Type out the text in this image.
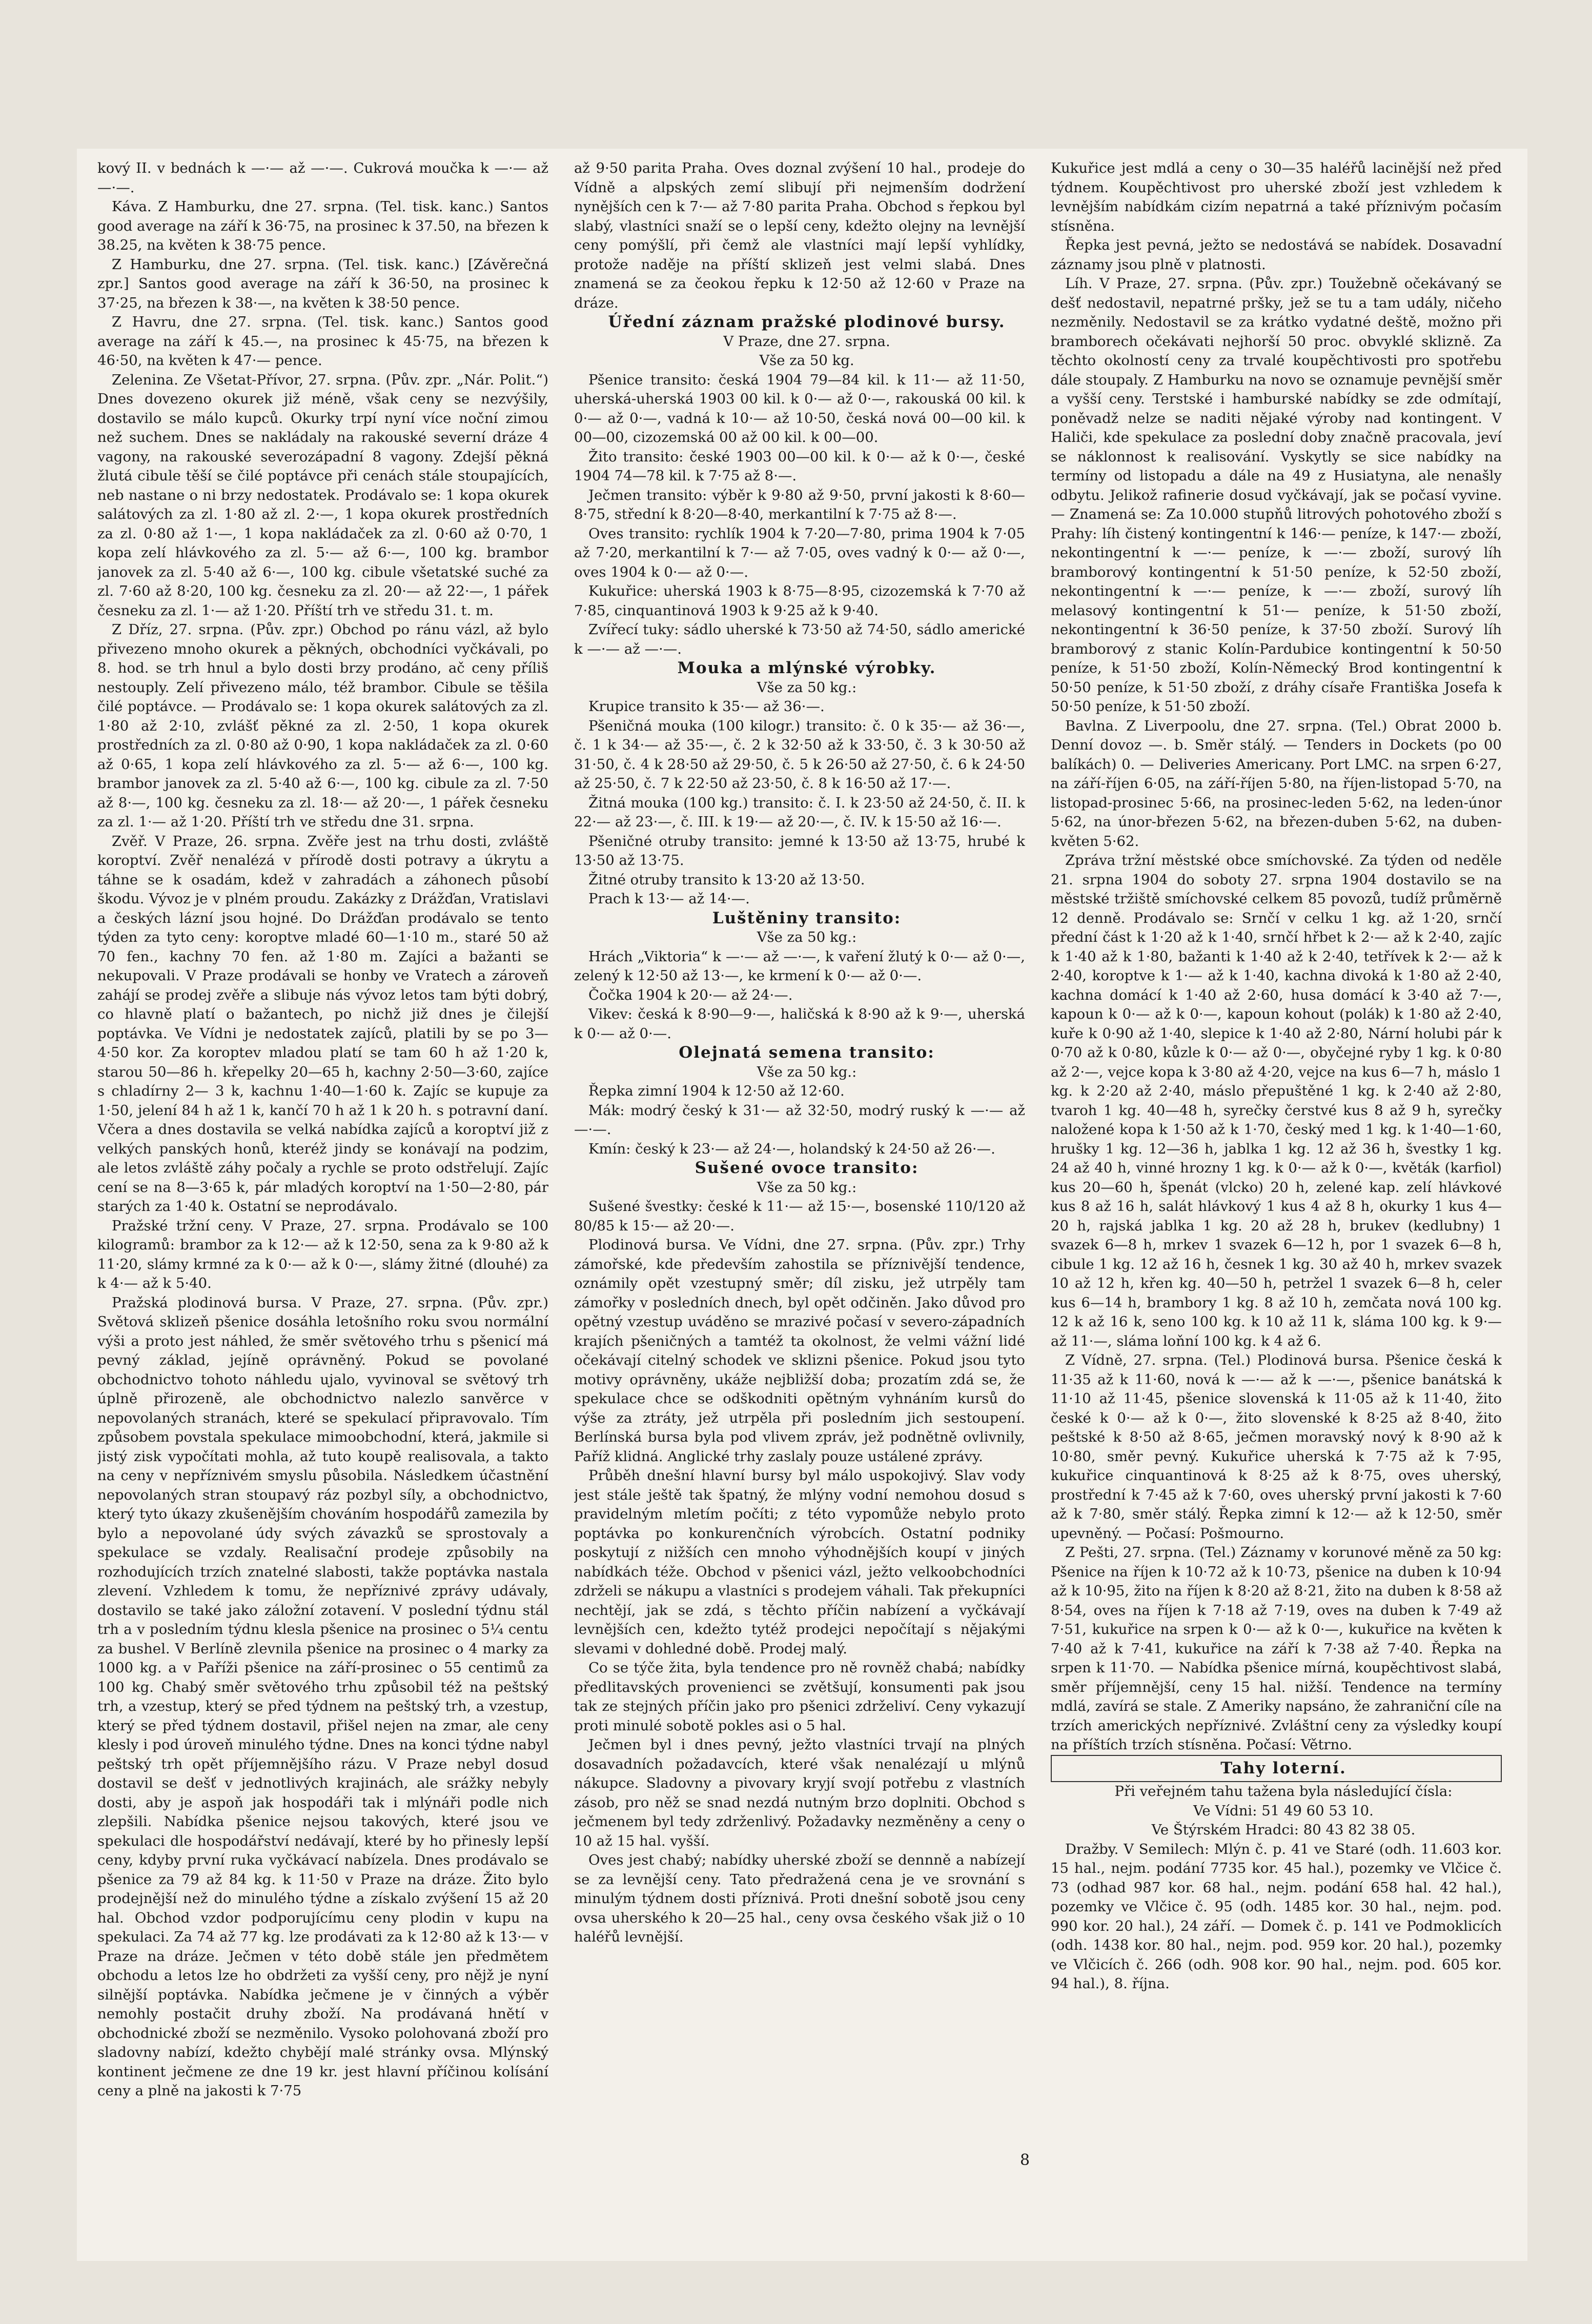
kový II. v bednách k —·— až —·—. Cukrová moučka k —·— až —·—.

Káva. Z Hamburku, dne 27. srpna. (Tel. tisk. kanc.) Santos good average na září k 36·75, na prosinec k 37.50, na březen k 38.25, na květen k 38·75 pence.

Z Hamburku, dne 27. srpna. (Tel. tisk. kanc.) [Závěrečná zpr.] Santos good average na září k 36·50, na prosinec k 37·25, na březen k 38·—, na květen k 38·50 pence.

Z Havru, dne 27. srpna. (Tel. tisk. kanc.) Santos good average na září k 45.—, na prosinec k 45·75, na březen k 46·50, na květen k 47·— pence.

Zelenina. Ze Všetat-Přívor, 27. srpna. (Pův. zpr. „Nár. Polit.“) Dnes dovezeno okurek již méně, však ceny se nezvýšily, dostavilo se málo kupců. Okurky trpí nyní více noční zimou než suchem. Dnes se nakládaly na rakouské severní dráze 4 vagony, na rakouské severozápadní 8 vagony. Zdejší pěkná žlutá cibule těší se čilé poptávce při cenách stále stoupajících, neb nastane o ni brzy nedostatek. Prodávalo se: 1 kopa okurek salátových za zl. 1·80 až zl. 2·—, 1 kopa okurek prostředních za zl. 0·80 až 1·—, 1 kopa nakládaček za zl. 0·60 až 0·70, 1 kopa zelí hlávkového za zl. 5·— až 6·—, 100 kg. brambor janovek za zl. 5·40 až 6·—, 100 kg. cibule všetatské suché za zl. 7·60 až 8·20, 100 kg. česneku za zl. 20·— až 22·—, 1 pářek česneku za zl. 1·— až 1·20. Příští trh ve středu 31. t. m.

Z Dříz, 27. srpna. (Pův. zpr.) Obchod po ránu vázl, až bylo přivezeno mnoho okurek a pěkných, obchodníci vyčkávali, po 8. hod. se trh hnul a bylo dosti brzy prodáno, ač ceny příliš nestouply. Zelí přivezeno málo, též brambor. Cibule se těšila čilé poptávce. — Prodávalo se: 1 kopa okurek salátových za zl. 1·80 až 2·10, zvlášť pěkné za zl. 2·50, 1 kopa okurek prostředních za zl. 0·80 až 0·90, 1 kopa nakládaček za zl. 0·60 až 0·65, 1 kopa zelí hlávkového za zl. 5·— až 6·—, 100 kg. brambor janovek za zl. 5·40 až 6·—, 100 kg. cibule za zl. 7·50 až 8·—, 100 kg. česneku za zl. 18·— až 20·—, 1 pářek česneku za zl. 1·— až 1·20. Příští trh ve středu dne 31. srpna.

Zvěř. V Praze, 26. srpna. Zvěře jest na trhu dosti, zvláště koroptví. Zvěř nenalézá v přírodě dosti potravy a úkrytu a táhne se k osadám, kdež v zahradách a záhonech působí škodu. Vývoz je v plném proudu. Zakázky z Drážďan, Vratislavi a českých lázní jsou hojné. Do Drážďan prodávalo se tento týden za tyto ceny: koroptve mladé 60—1·10 m., staré 50 až 70 fen., kachny 70 fen. až 1·80 m. Zajíci a bažanti se nekupovali. V Praze prodávali se honby ve Vratech a zároveň zahájí se prodej zvěře a slibuje nás vývoz letos tam býti dobrý, co hlavně platí o bažantech, po nichž již dnes je čilejší poptávka. Ve Vídni je nedostatek zajíců, platili by se po 3—4·50 kor. Za koroptev mladou platí se tam 60 h až 1·20 k, starou 50—86 h. křepelky 20—65 h, kachny 2·50—3·60, zajíce s chladírny 2— 3 k, kachnu 1·40—1·60 k. Zajíc se kupuje za 1·50, jelení 84 h až 1 k, kančí 70 h až 1 k 20 h. s potravní daní. Včera a dnes dostavila se velká nabídka zajíců a koroptví již z velkých panských honů, kteréž jindy se konávají na podzim, ale letos zvláště záhy počaly a rychle se proto odstřelují. Zajíc cení se na 8—3·65 k, pár mladých koroptví na 1·50—2·80, pár starých za 1·40 k. Ostatní se neprodávalo.

Pražské tržní ceny. V Praze, 27. srpna. Prodávalo se 100 kilogramů: brambor za k 12·— až k 12·50, sena za k 9·80 až k 11·20, slámy krmné za k 0·— až k 0·—, slámy žitné (dlouhé) za k 4·— až k 5·40.

Pražská plodinová bursa. V Praze, 27. srpna. (Pův. zpr.) Světová sklizeň pšenice dosáhla letošního roku svou normální výši a proto jest náhled, že směr světového trhu s pšenicí má pevný základ, jejíně oprávněný. Pokud se povolané obchodnictvo tohoto náhledu ujalo, vyvinoval se světový trh úplně přirozeně, ale obchodnictvo nalezlo sanvěrce v nepovolaných stranách, které se spekulací připravovalo. Tím způsobem povstala spekulace mimoobchodní, která, jakmile si jistý zisk vypočítati mohla, až tuto koupě realisovala, a takto na ceny v nepříznivém smyslu působila. Následkem účastnění nepovolaných stran stoupavý ráz pozbyl síly, a obchodnictvo, který tyto úkazy zkušenějším chováním hospodářů zamezila by bylo a nepovolané údy svých závazků se sprostovaly a spekulace se vzdaly. Realisační prodeje způsobily na rozhodujících trzích znatelné slabosti, takže poptávka nastala zlevení. Vzhledem k tomu, že nepříznivé zprávy udávaly, dostavilo se také jako záložní zotavení. V poslední týdnu stál trh a v posledním týdnu klesla pšenice na prosinec o 5¼ centu za bushel. V Berlíně zlevnila pšenice na prosinec o 4 marky za 1000 kg. a v Paříži pšenice na září-prosinec o 55 centimů za 100 kg. Chabý směr světového trhu způsobil též na peštský trh, a vzestup, který se před týdnem na peštský trh, a vzestup, který se před týdnem dostavil, přišel nejen na zmar, ale ceny klesly i pod úroveň minulého týdne. Dnes na konci týdne nabyl peštský trh opět příjemnějšího rázu. V Praze nebyl dosud dostavil se dešť v jednotlivých krajinách, ale srážky nebyly dosti, aby je aspoň jak hospodáři tak i mlýnáři podle nich zlepšili. Nabídka pšenice nejsou takových, které jsou ve spekulaci dle hospodářství nedávají, které by ho přinesly lepší ceny, kdyby první ruka vyčkávací nabízela. Dnes prodávalo se pšenice za 79 až 84 kg. k 11·50 v Praze na dráze. Žito bylo prodejnější než do minulého týdne a získalo zvýšení 15 až 20 hal. Obchod vzdor podporujícímu ceny plodin v kupu na spekulaci. Za 74 až 77 kg. lze prodávati za k 12·80 až k 13·— v Praze na dráze. Ječmen v této době stále jen předmětem obchodu a letos lze ho obdržeti za vyšší ceny, pro nějž je nyní silnější poptávka. Nabídka ječmene je v činných a výběr nemohly postačit druhy zboží. Na prodávaná hnětí v obchodnické zboží se nezměnilo. Vysoko polohovaná zboží pro sladovny nabízí, kdežto chybějí malé stránky ovsa. Mlýnský kontinent ječmene ze dne 19 kr. jest hlavní příčinou kolísání ceny a plně na jakosti k 7·75

až 9·50 parita Praha. Oves doznal zvýšení 10 hal., prodeje do Vídně a alpských zemí slibují při nejmenším dodržení nynějších cen k 7·— až 7·80 parita Praha. Obchod s řepkou byl slabý, vlastníci snaží se o lepší ceny, kdežto olejny na levnější ceny pomýšlí, při čemž ale vlastníci mají lepší vyhlídky, protože naděje na příští sklizeň jest velmi slabá. Dnes znamená se za čeokou řepku k 12·50 až 12·60 v Praze na dráze.

Úřední záznam pražské plodinové bursy.

V Praze, dne 27. srpna.

Vše za 50 kg.

Pšenice transito: česká 1904 79—84 kil. k 11·— až 11·50, uherská-uherská 1903 00 kil. k 0·— až 0·—, rakouská 00 kil. k 0·— až 0·—, vadná k 10·— až 10·50, česká nová 00—00 kil. k 00—00, cizozemská 00 až 00 kil. k 00—00.

Žito transito: české 1903 00—00 kil. k 0·— až k 0·—, české 1904 74—78 kil. k 7·75 až 8·—.

Ječmen transito: výběr k 9·80 až 9·50, první jakosti k 8·60—8·75, střední k 8·20—8·40, merkantilní k 7·75 až 8·—.

Oves transito: rychlík 1904 k 7·20—7·80, prima 1904 k 7·05 až 7·20, merkantilní k 7·— až 7·05, oves vadný k 0·— až 0·—, oves 1904 k 0·— až 0·—.

Kukuřice: uherská 1903 k 8·75—8·95, cizozemská k 7·70 až 7·85, cinquantinová 1903 k 9·25 až k 9·40.

Zvířecí tuky: sádlo uherské k 73·50 až 74·50, sádlo americké k —·— až —·—.

Mouka a mlýnské výrobky.

Vše za 50 kg.:

Krupice transito k 35·— až 36·—.

Pšeničná mouka (100 kilogr.) transito: č. 0 k 35·— až 36·—, č. 1 k 34·— až 35·—, č. 2 k 32·50 až k 33·50, č. 3 k 30·50 až 31·50, č. 4 k 28·50 až 29·50, č. 5 k 26·50 až 27·50, č. 6 k 24·50 až 25·50, č. 7 k 22·50 až 23·50, č. 8 k 16·50 až 17·—.

Žitná mouka (100 kg.) transito: č. I. k 23·50 až 24·50, č. II. k 22·— až 23·—, č. III. k 19·— až 20·—, č. IV. k 15·50 až 16·—.

Pšeničné otruby transito: jemné k 13·50 až 13·75, hrubé k 13·50 až 13·75.

Žitné otruby transito k 13·20 až 13·50.

Prach k 13·— až 14·—.

Luštěniny transito:

Vše za 50 kg.:

Hrách „Viktoria“ k —·— až —·—, k vaření žlutý k 0·— až 0·—, zelený k 12·50 až 13·—, ke krmení k 0·— až 0·—.

Čočka 1904 k 20·— až 24·—.

Vikev: česká k 8·90—9·—, haličská k 8·90 až k 9·—, uherská k 0·— až 0·—.

Olejnatá semena transito:

Vše za 50 kg.:

Řepka zimní 1904 k 12·50 až 12·60.

Mák: modrý český k 31·— až 32·50, modrý ruský k —·— až —·—.

Kmín: český k 23·— až 24·—, holandský k 24·50 až 26·—.

Sušené ovoce transito:

Vše za 50 kg.:

Sušené švestky: české k 11·— až 15·—, bosenské 110/120 až 80/85 k 15·— až 20·—.

Plodinová bursa. Ve Vídni, dne 27. srpna. (Pův. zpr.) Trhy zámořské, kde především zahostila se příznivější tendence, oznámily opět vzestupný směr; díl zisku, jež utrpěly tam zámořky v posledních dnech, byl opět odčiněn. Jako důvod pro opětný vzestup uváděno se mrazivé počasí v severo-západních krajích pšeničných a tamtéž ta okolnost, že velmi vážní lidé očekávají citelný schodek ve sklizni pšenice. Pokud jsou tyto motivy oprávněny, ukáže nejbližší doba; prozatím zdá se, že spekulace chce se odškodniti opětným vyhnáním kursů do výše za ztráty, jež utrpěla při posledním jich sestoupení. Berlínská bursa byla pod vlivem zpráv, jež podnětně ovlivnily, Paříž klidná. Anglické trhy zaslaly pouze ustálené zprávy.

Průběh dnešní hlavní bursy byl málo uspokojivý. Slav vody jest stále ještě tak špatný, že mlýny vodní nemohou dosud s pravidelným mletím počíti; z této vypomůže nebylo proto poptávka po konkurenčních výrobcích. Ostatní podniky poskytují z nižších cen mnoho výhodnějších koupí v jiných nabídkách téže. Obchod v pšenici vázl, ježto velkoobchodníci zdrželi se nákupu a vlastníci s prodejem váhali. Tak překupníci nechtějí, jak se zdá, s těchto příčin nabízení a vyčkávají levnějších cen, kdežto tytéž prodejci nepočítají s nějakými slevami v dohledné době. Prodej malý.

Co se týče žita, byla tendence pro ně rovněž chabá; nabídky předlitavských provenienci se zvětšují, konsumenti pak jsou tak ze stejných příčin jako pro pšenici zdrželiví. Ceny vykazují proti minulé sobotě pokles asi o 5 hal.

Ječmen byl i dnes pevný, ježto vlastníci trvají na plných dosavadních požadavcích, které však nenalézají u mlýnů nákupce. Sladovny a pivovary kryjí svojí potřebu z vlastních zásob, pro něž se snad nezdá nutným brzo doplniti. Obchod s ječmenem byl tedy zdrženlivý. Požadavky nezměněny a ceny o 10 až 15 hal. vyšší.

Oves jest chabý; nabídky uherské zboží se dennně a nabízejí se za levnější ceny. Tato předražená cena je ve srovnání s minulým týdnem dosti příznivá. Proti dnešní sobotě jsou ceny ovsa uherského k 20—25 hal., ceny ovsa českého však již o 10 haléřů levnější.

Kukuřice jest mdlá a ceny o 30—35 haléřů lacinější než před týdnem. Koupěchtivost pro uherské zboží jest vzhledem k levnějším nabídkám cizím nepatrná a také příznivým počasím stísněna.

Řepka jest pevná, ježto se nedostává se nabídek. Dosavadní záznamy jsou plně v platnosti.

Líh. V Praze, 27. srpna. (Pův. zpr.) Toužebně očekávaný se dešť nedostavil, nepatrné pršky, jež se tu a tam udály, ničeho nezměnily. Nedostavil se za krátko vydatné deště, možno při bramborech očekávati nejhorší 50 proc. obvyklé sklizně. Za těchto okolností ceny za trvalé koupěchtivosti pro spotřebu dále stoupaly. Z Hamburku na novo se oznamuje pevnější směr a vyšší ceny. Terstské i hamburské nabídky se zde odmítají, poněvadž nelze se naditi nějaké výroby nad kontingent. V Haliči, kde spekulace za poslední doby značně pracovala, jeví se náklonnost k realisování. Vyskytly se sice nabídky na termíny od listopadu a dále na 49 z Husiatyna, ale nenašly odbytu. Jelikož rafinerie dosud vyčkávají, jak se počasí vyvine. — Znamená se: Za 10.000 stupňů litrových pohotového zboží s Prahy: líh čistený kontingentní k 146·— peníze, k 147·— zboží, nekontingentní k —·— peníze, k —·— zboží, surový líh bramborový kontingentní k 51·50 peníze, k 52·50 zboží, nekontingentní k —·— peníze, k —·— zboží, surový líh melasový kontingentní k 51·— peníze, k 51·50 zboží, nekontingentní k 36·50 peníze, k 37·50 zboží. Surový líh bramborový z stanic Kolín-Pardubice kontingentní k 50·50 peníze, k 51·50 zboží, Kolín-Německý Brod kontingentní k 50·50 peníze, k 51·50 zboží, z dráhy císaře Františka Josefa k 50·50 peníze, k 51·50 zboží.

Bavlna. Z Liverpoolu, dne 27. srpna. (Tel.) Obrat 2000 b. Denní dovoz —. b. Směr stálý. — Tenders in Dockets (po 00 balíkách) 0. — Deliveries Americany. Port LMC. na srpen 6·27, na září-říjen 6·05, na září-říjen 5·80, na říjen-listopad 5·70, na listopad-prosinec 5·66, na prosinec-leden 5·62, na leden-únor 5·62, na únor-březen 5·62, na březen-duben 5·62, na duben-květen 5·62.

Zpráva tržní městské obce smíchovské. Za týden od neděle 21. srpna 1904 do soboty 27. srpna 1904 dostavilo se na městské tržiště smíchovské celkem 85 povozů, tudíž průměrně 12 denně. Prodávalo se: Srnčí v celku 1 kg. až 1·20, srnčí přední část k 1·20 až k 1·40, srnčí hřbet k 2·— až k 2·40, zajíc k 1·40 až k 1·80, bažanti k 1·40 až k 2·40, tetřívek k 2·— až k 2·40, koroptve k 1·— až k 1·40, kachna divoká k 1·80 až 2·40, kachna domácí k 1·40 až 2·60, husa domácí k 3·40 až 7·—, kapoun k 0·— až k 0·—, kapoun kohout (polák) k 1·80 až 2·40, kuře k 0·90 až 1·40, slepice k 1·40 až 2·80, Nární holubi pár k 0·70 až k 0·80, kůzle k 0·— až 0·—, obyčejné ryby 1 kg. k 0·80 až 2·—, vejce kopa k 3·80 až 4·20, vejce na kus 6—7 h, máslo 1 kg. k 2·20 až 2·40, máslo přepuštěné 1 kg. k 2·40 až 2·80, tvaroh 1 kg. 40—48 h, syrečky čerstvé kus 8 až 9 h, syrečky naložené kopa k 1·50 až k 1·70, český med 1 kg. k 1·40—1·60, hrušky 1 kg. 12—36 h, jablka 1 kg. 12 až 36 h, švestky 1 kg. 24 až 40 h, vinné hrozny 1 kg. k 0·— až k 0·—, květák (karfiol) kus 20—60 h, špenát (vlcko) 20 h, zelené kap. zelí hlávkové kus 8 až 16 h, salát hlávkový 1 kus 4 až 8 h, okurky 1 kus 4—20 h, rajská jablka 1 kg. 20 až 28 h, brukev (kedlubny) 1 svazek 6—8 h, mrkev 1 svazek 6—12 h, por 1 svazek 6—8 h, cibule 1 kg. 12 až 16 h, česnek 1 kg. 30 až 40 h, mrkev svazek 10 až 12 h, křen kg. 40—50 h, petržel 1 svazek 6—8 h, celer kus 6—14 h, brambory 1 kg. 8 až 10 h, zemčata nová 100 kg. 12 k až 16 k, seno 100 kg. k 10 až 11 k, sláma 100 kg. k 9·— až 11·—, sláma loňní 100 kg. k 4 až 6.

Z Vídně, 27. srpna. (Tel.) Plodinová bursa. Pšenice česká k 11·35 až k 11·60, nová k —·— až k —·—, pšenice banátská k 11·10 až 11·45, pšenice slovenská k 11·05 až k 11·40, žito české k 0·— až k 0·—, žito slovenské k 8·25 až 8·40, žito peštské k 8·50 až 8·65, ječmen moravský nový k 8·90 až k 10·80, směr pevný. Kukuřice uherská k 7·75 až k 7·95, kukuřice cinquantinová k 8·25 až k 8·75, oves uherský, prostřední k 7·45 až k 7·60, oves uherský první jakosti k 7·60 až k 7·80, směr stálý. Řepka zimní k 12·— až k 12·50, směr upevněný. — Počasí: Pošmourno.

Z Pešti, 27. srpna. (Tel.) Záznamy v korunové měně za 50 kg: Pšenice na říjen k 10·72 až k 10·73, pšenice na duben k 10·94 až k 10·95, žito na říjen k 8·20 až 8·21, žito na duben k 8·58 až 8·54, oves na říjen k 7·18 až 7·19, oves na duben k 7·49 až 7·51, kukuřice na srpen k 0·— až k 0·—, kukuřice na květen k 7·40 až k 7·41, kukuřice na září k 7·38 až 7·40. Řepka na srpen k 11·70. — Nabídka pšenice mírná, koupěchtivost slabá, směr příjemnější, ceny 15 hal. nižší. Tendence na termíny mdlá, zavírá se stale. Z Ameriky napsáno, že zahraniční cíle na trzích amerických nepříznivé. Zvláštní ceny za výsledky koupí na příštích trzích stísněna. Počasí: Větrno.

Tahy loterní.

Při veřejném tahu tažena byla následující čísla:

Ve Vídni: 51 49 60 53 10.

Ve Štýrském Hradci: 80 43 82 38 05.

Dražby. V Semilech: Mlýn č. p. 41 ve Staré (odh. 11.603 kor. 15 hal., nejm. podání 7735 kor. 45 hal.), pozemky ve Vlčice č. 73 (odhad 987 kor. 68 hal., nejm. podání 658 hal. 42 hal.), pozemky ve Vlčice č. 95 (odh. 1485 kor. 30 hal., nejm. pod. 990 kor. 20 hal.), 24 září. — Domek č. p. 141 ve Podmoklicích (odh. 1438 kor. 80 hal., nejm. pod. 959 kor. 20 hal.), pozemky ve Vlčicích č. 266 (odh. 908 kor. 90 hal., nejm. pod. 605 kor. 94 hal.), 8. října.

8
